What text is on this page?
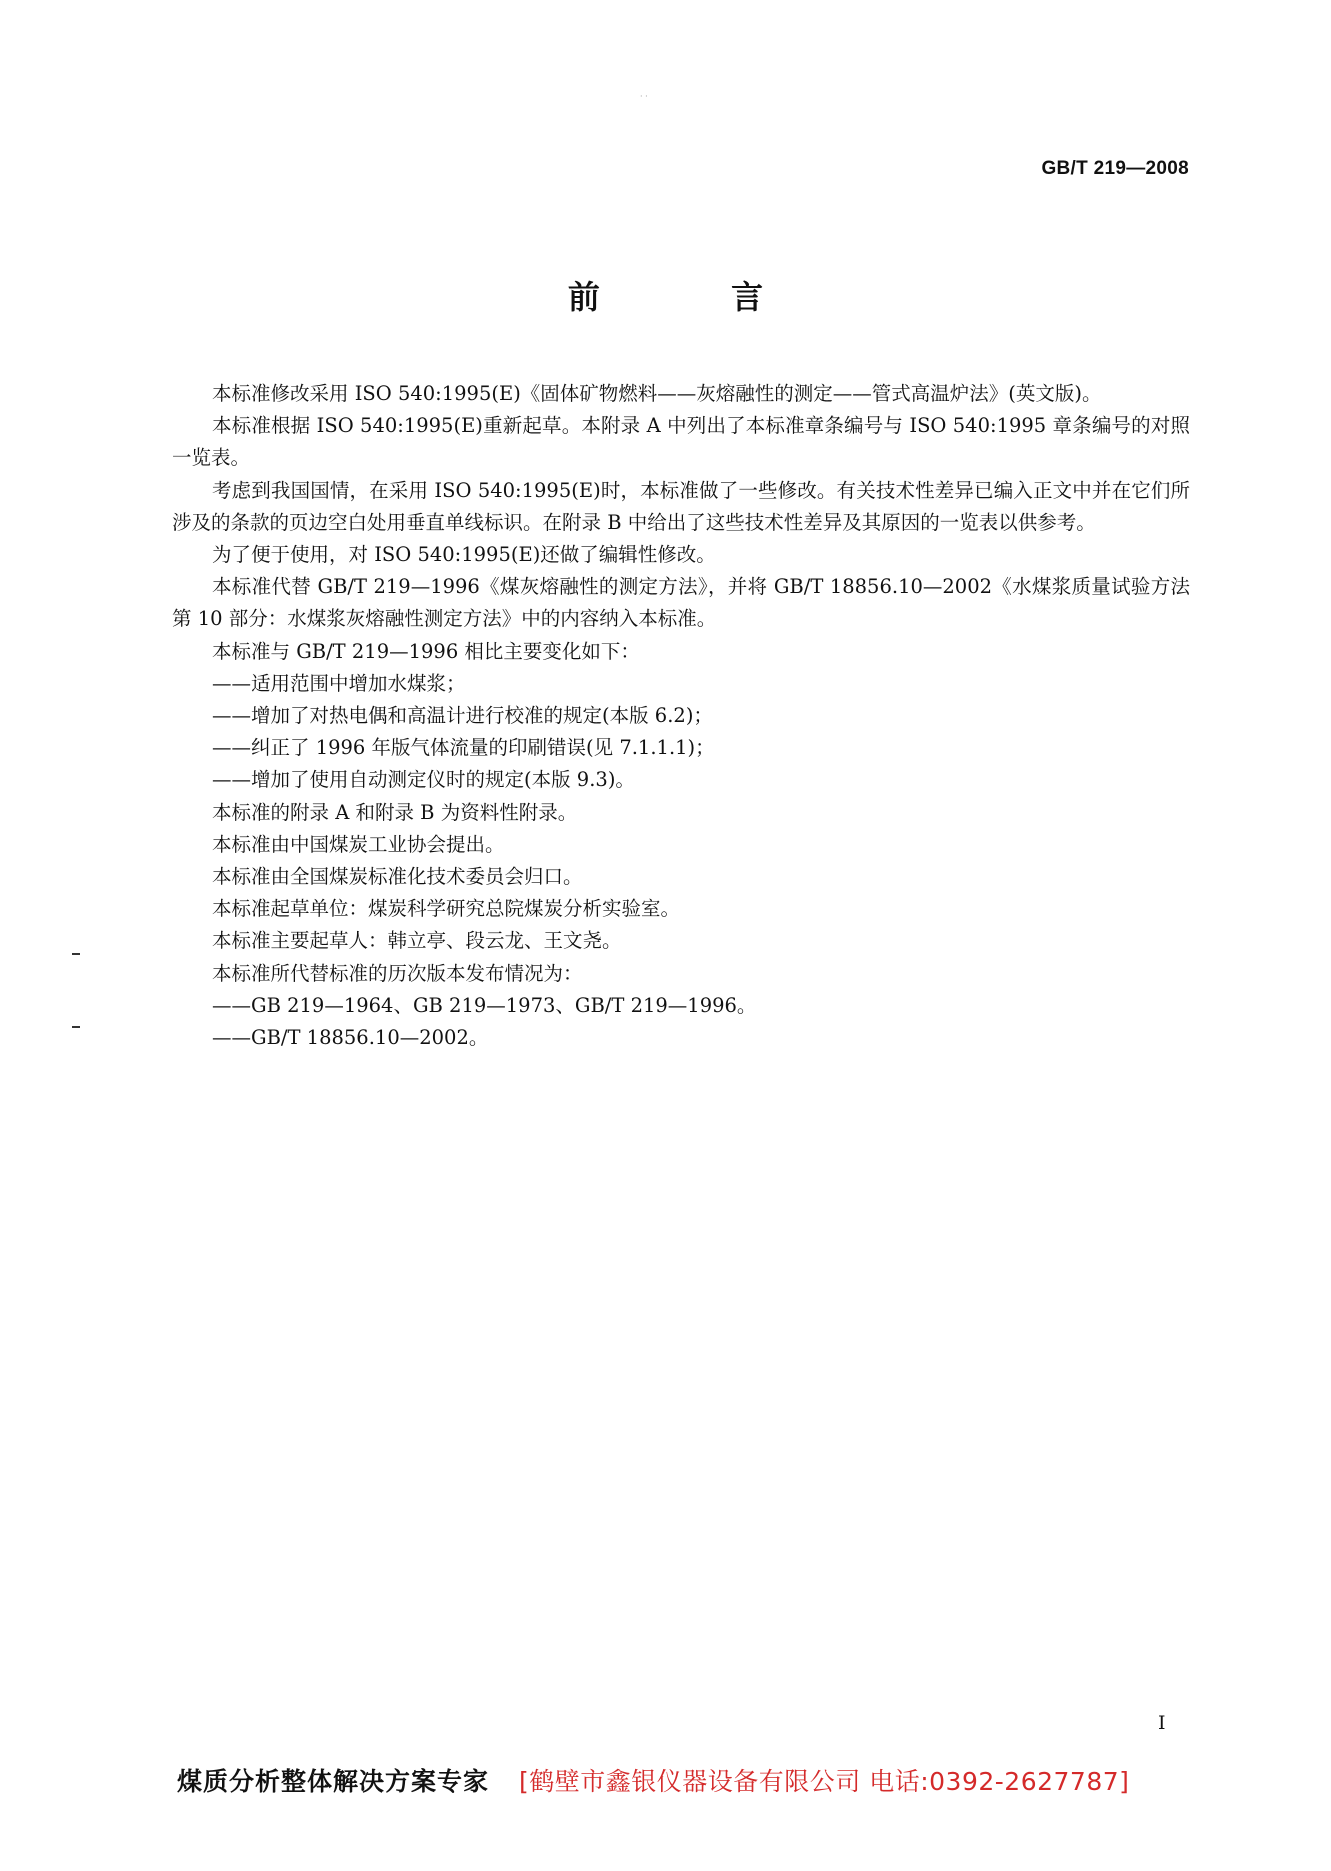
· ·
GB/T 219—2008
前 言

本标准修改采用 ISO 540:1995(E)《固体矿物燃料——灰熔融性的测定——管式高温炉法》(英文版)。

本标准根据 ISO 540:1995(E)重新起草。本附录 A 中列出了本标准章条编号与 ISO 540:1995 章条编号的对照一览表。

考虑到我国国情，在采用 ISO 540:1995(E)时，本标准做了一些修改。有关技术性差异已编入正文中并在它们所涉及的条款的页边空白处用垂直单线标识。在附录 B 中给出了这些技术性差异及其原因的一览表以供参考。

为了便于使用，对 ISO 540:1995(E)还做了编辑性修改。

本标准代替 GB/T 219—1996《煤灰熔融性的测定方法》，并将 GB/T 18856.10—2002《水煤浆质量试验方法　第 10 部分：水煤浆灰熔融性测定方法》中的内容纳入本标准。

本标准与 GB/T 219—1996 相比主要变化如下：

——适用范围中增加水煤浆；

——增加了对热电偶和高温计进行校准的规定(本版 6.2)；

——纠正了 1996 年版气体流量的印刷错误(见 7.1.1.1)；

——增加了使用自动测定仪时的规定(本版 9.3)。

本标准的附录 A 和附录 B 为资料性附录。

本标准由中国煤炭工业协会提出。

本标准由全国煤炭标准化技术委员会归口。

本标准起草单位：煤炭科学研究总院煤炭分析实验室。

本标准主要起草人：韩立亭、段云龙、王文尧。

本标准所代替标准的历次版本发布情况为：

——GB 219—1964、GB 219—1973、GB/T 219—1996。

——GB/T 18856.10—2002。

I
煤质分析整体解决方案专家 [鹤壁市鑫银仪器设备有限公司 电话:0392-2627787]
